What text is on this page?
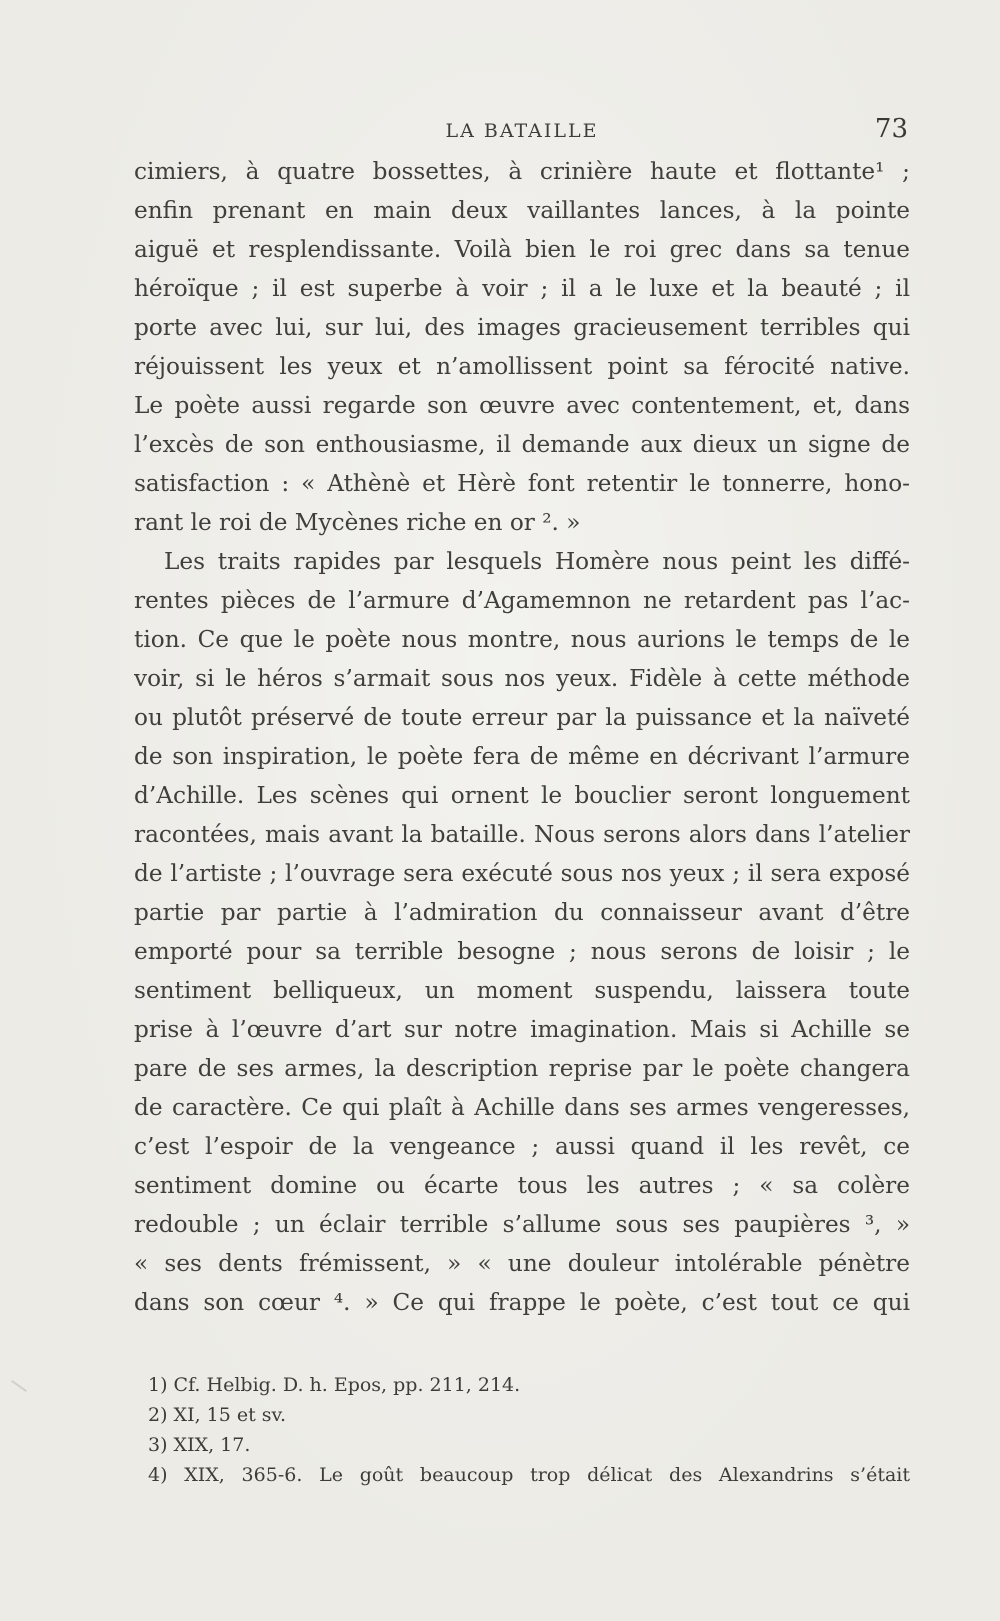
LA BATAILLE	73
cimiers, à quatre bossettes, à crinière haute et flottante¹ ;
enfin prenant en main deux vaillantes lances, à la pointe
aiguë et resplendissante. Voilà bien le roi grec dans sa tenue
héroïque ; il est superbe à voir ; il a le luxe et la beauté ; il
porte avec lui, sur lui, des images gracieusement terribles qui
réjouissent les yeux et n’amollissent point sa férocité native.
Le poète aussi regarde son œuvre avec contentement, et, dans
l’excès de son enthousiasme, il demande aux dieux un signe de
satisfaction : « Athènè et Hèrè font retentir le tonnerre, hono-
rant le roi de Mycènes riche en or ². »
Les traits rapides par lesquels Homère nous peint les diffé-
rentes pièces de l’armure d’Agamemnon ne retardent pas l’ac-
tion. Ce que le poète nous montre, nous aurions le temps de le
voir, si le héros s’armait sous nos yeux. Fidèle à cette méthode
ou plutôt préservé de toute erreur par la puissance et la naïveté
de son inspiration, le poète fera de même en décrivant l’armure
d’Achille. Les scènes qui ornent le bouclier seront longuement
racontées, mais avant la bataille. Nous serons alors dans l’atelier
de l’artiste ; l’ouvrage sera exécuté sous nos yeux ; il sera exposé
partie par partie à l’admiration du connaisseur avant d’être
emporté pour sa terrible besogne ; nous serons de loisir ; le
sentiment belliqueux, un moment suspendu, laissera toute
prise à l’œuvre d’art sur notre imagination. Mais si Achille se
pare de ses armes, la description reprise par le poète changera
de caractère. Ce qui plaît à Achille dans ses armes vengeresses,
c’est l’espoir de la vengeance ; aussi quand il les revêt, ce
sentiment domine ou écarte tous les autres ; « sa colère
redouble ; un éclair terrible s’allume sous ses paupières ³, »
« ses dents frémissent, » « une douleur intolérable pénètre
dans son cœur ⁴. » Ce qui frappe le poète, c’est tout ce qui
1) Cf. Helbig. D. h. Epos, pp. 211, 214.
2) XI, 15 et sv.
3) XIX, 17.
4) XIX, 365-6. Le goût beaucoup trop délicat des Alexandrins s’était
